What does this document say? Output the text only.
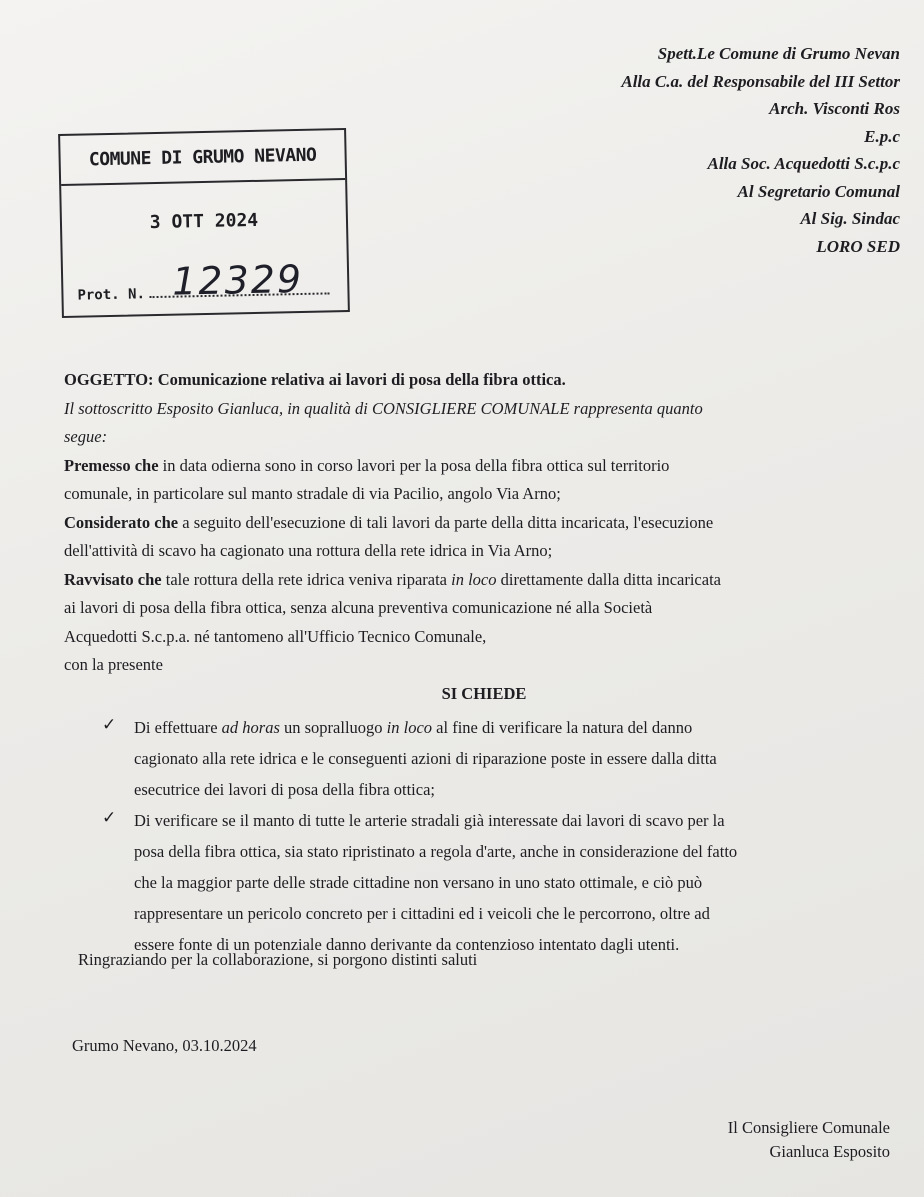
Spett.Le Comune di Grumo Nevan
Alla C.a. del Responsabile del III Settor
Arch. Visconti Ros
E.p.c
Alla Soc. Acquedotti S.c.p.c
Al Segretario Comunal
Al Sig. Sindac
LORO SED
COMUNE DI GRUMO NEVANO
3 OTT 2024
Prot. N. 12329
OGGETTO: Comunicazione relativa ai lavori di posa della fibra ottica.
Il sottoscritto Esposito Gianluca, in qualità di CONSIGLIERE COMUNALE rappresenta quanto
segue:
Premesso che in data odierna sono in corso lavori per la posa della fibra ottica sul territorio
comunale, in particolare sul manto stradale di via Pacilio, angolo Via Arno;
Considerato che a seguito dell'esecuzione di tali lavori da parte della ditta incaricata, l'esecuzione
dell'attività di scavo ha cagionato una rottura della rete idrica in Via Arno;
Ravvisato che tale rottura della rete idrica veniva riparata in loco direttamente dalla ditta incaricata
ai lavori di posa della fibra ottica, senza alcuna preventiva comunicazione né alla Società
Acquedotti S.c.p.a. né tantomeno all'Ufficio Tecnico Comunale,
con la presente
SI CHIEDE
✓ Di effettuare ad horas un sopralluogo in loco al fine di verificare la natura del danno
cagionato alla rete idrica e le conseguenti azioni di riparazione poste in essere dalla ditta
esecutrice dei lavori di posa della fibra ottica;
✓ Di verificare se il manto di tutte le arterie stradali già interessate dai lavori di scavo per la
posa della fibra ottica, sia stato ripristinato a regola d'arte, anche in considerazione del fatto
che la maggior parte delle strade cittadine non versano in uno stato ottimale, e ciò può
rappresentare un pericolo concreto per i cittadini ed i veicoli che le percorrono, oltre ad
essere fonte di un potenziale danno derivante da contenzioso intentato dagli utenti.
Ringraziando per la collaborazione, si porgono distinti saluti
Grumo Nevano, 03.10.2024
Il Consigliere Comunale
Gianluca Esposito
